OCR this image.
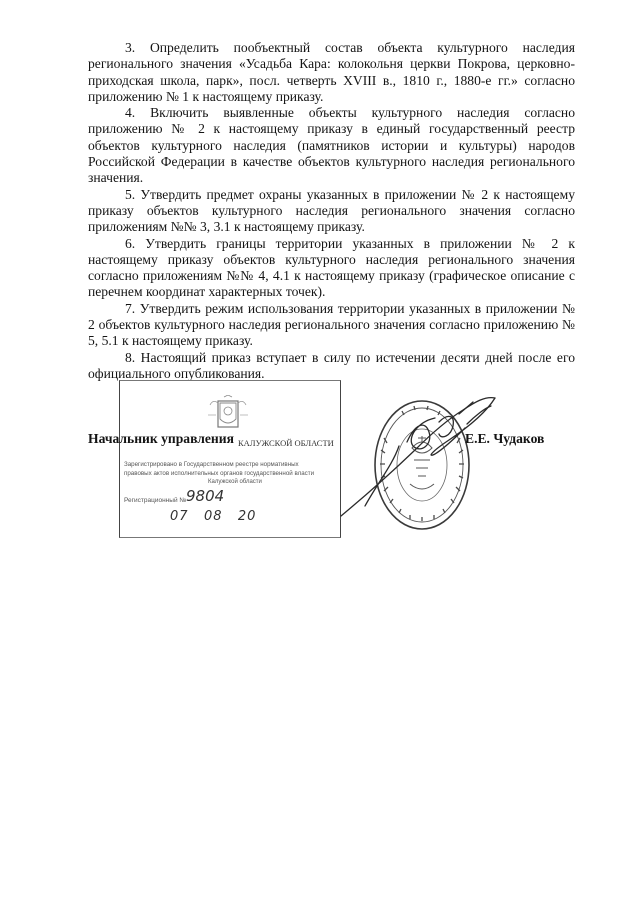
3. Определить пообъектный состав объекта культурного наследия регионального значения «Усадьба Кара: колокольня церкви Покрова, церковно-приходская школа, парк», посл. четверть XVIII в., 1810 г., 1880-е гг.» согласно приложению № 1 к настоящему приказу.

4. Включить выявленные объекты культурного наследия согласно приложению № 2 к настоящему приказу в единый государственный реестр объектов культурного наследия (памятников истории и культуры) народов Российской Федерации в качестве объектов культурного наследия регионального значения.

5. Утвердить предмет охраны указанных в приложении № 2 к настоящему приказу объектов культурного наследия регионального значения согласно приложениям №№ 3, 3.1 к настоящему приказу.

6. Утвердить границы территории указанных в приложении № 2 к настоящему приказу объектов культурного наследия регионального значения согласно приложениям №№ 4, 4.1 к настоящему приказу (графическое описание с перечнем координат характерных точек).

7. Утвердить режим использования территории указанных в приложении № 2 объектов культурного наследия регионального значения согласно приложению № 5, 5.1 к настоящему приказу.

8. Настоящий приказ вступает в силу по истечении десяти дней после его официального опубликования.

КАЛУЖСКОЙ ОБЛАСТИ
Зарегистрировано в Государственном реестре нормативных
правовых актов исполнительных органов государственной власти
Калужской области
Регистрационный № 9804
07   08   20
Начальник управления	Е.Е. Чудаков
